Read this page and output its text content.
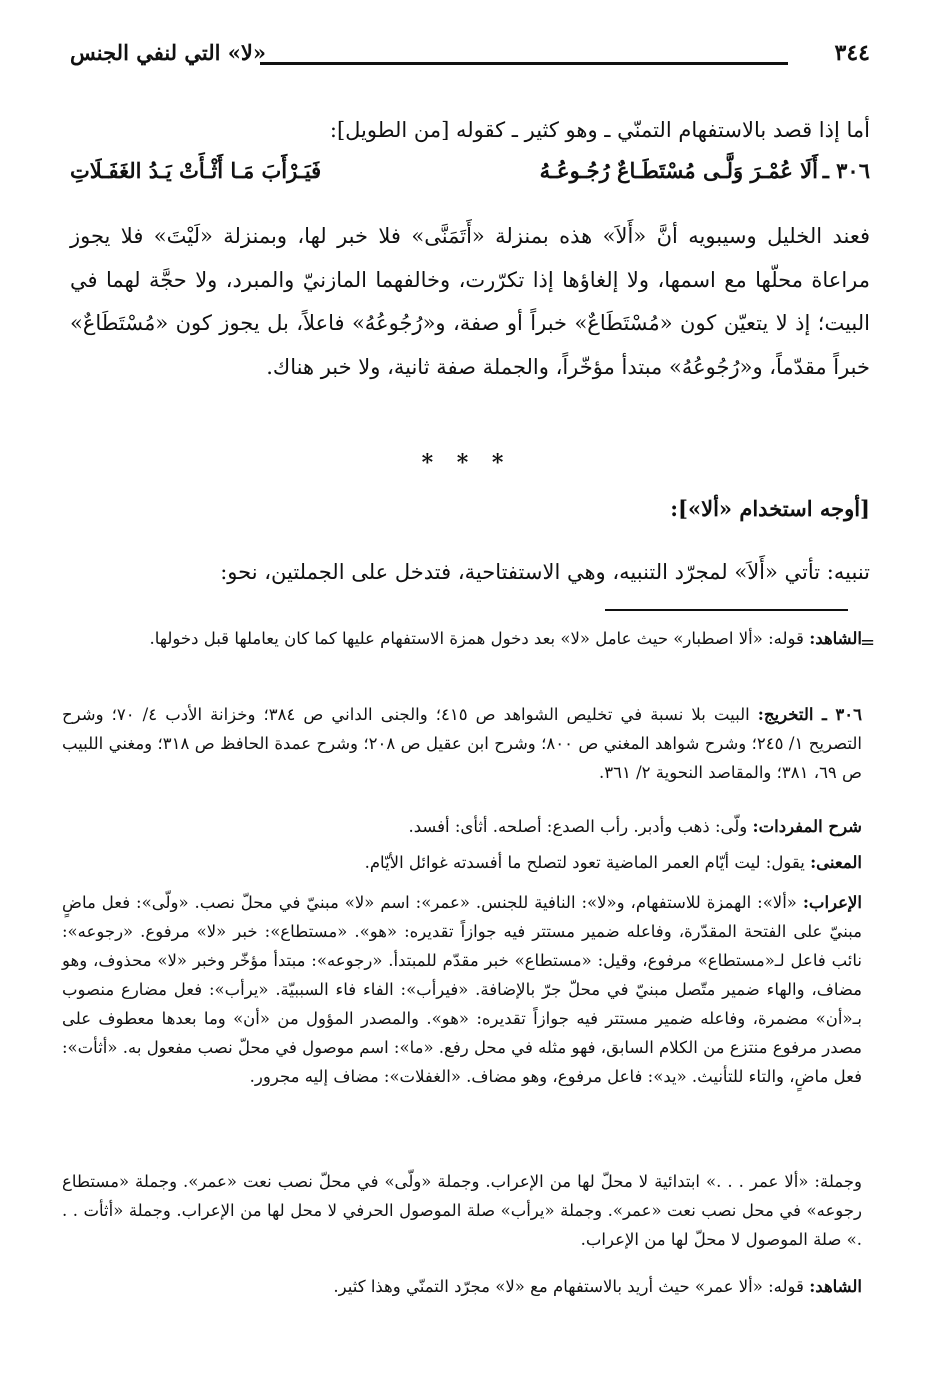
٣٤٤
«لا» التي لنفي الجنس
أما إذا قصد بالاستفهام التمنّي ـ وهو كثير ـ كقوله [من الطويل]:
٣٠٦ ـ
أَلَا عُمْـرَ وَلَّـى مُسْتَطَـاعٌ رُجُـوعُـهُ
فَيَـرْأَبَ مَـا أَثْـأَتْ يَـدُ الغَفَـلَاتِ
فعند الخليل وسيبويه أنَّ «أَلاَ» هذه بمنزلة «أَتَمَنَّى» فلا خبر لها، وبمنزلة «لَيْتَ» فلا يجوز مراعاة محلّها مع اسمها، ولا إلغاؤها إذا تكرّرت، وخالفهما المازنيّ والمبرد، ولا حجَّة لهما في البيت؛ إذ لا يتعيّن كون «مُسْتَطَاعٌ» خبراً أو صفة، و«رُجُوعُهُ» فاعلاً، بل يجوز كون «مُسْتَطَاعٌ» خبراً مقدّماً، و«رُجُوعُهُ» مبتدأ مؤخّراً، والجملة صفة ثانية، ولا خبر هناك.
* * *
[أوجه استخدام «ألا»]:
تنبيه: تأتي «أَلاَ» لمجرّد التنبيه، وهي الاستفتاحية، فتدخل على الجملتين، نحو:
=
الشاهد: قوله: «ألا اصطبار» حيث عامل «لا» بعد دخول همزة الاستفهام عليها كما كان يعاملها قبل دخولها.
٣٠٦ ـ التخريج: البيت بلا نسبة في تخليص الشواهد ص ٤١٥؛ والجنى الداني ص ٣٨٤؛ وخزانة الأدب ٤/ ٧٠؛ وشرح التصريح ١/ ٢٤٥؛ وشرح شواهد المغني ص ٨٠٠؛ وشرح ابن عقيل ص ٢٠٨؛ وشرح عمدة الحافظ ص ٣١٨؛ ومغني اللبيب ص ٦٩، ٣٨١؛ والمقاصد النحوية ٢/ ٣٦١.
شرح المفردات: ولّى: ذهب وأدبر. رأب الصدع: أصلحه. أثأى: أفسد.
المعنى: يقول: ليت أيّام العمر الماضية تعود لتصلح ما أفسدته غوائل الأيّام.
الإعراب: «ألا»: الهمزة للاستفهام، و«لا»: النافية للجنس. «عمر»: اسم «لا» مبنيّ في محلّ نصب. «ولّى»: فعل ماضٍ مبنيّ على الفتحة المقدّرة، وفاعله ضمير مستتر فيه جوازاً تقديره: «هو». «مستطاع»: خبر «لا» مرفوع. «رجوعه»: نائب فاعل لـ«مستطاع» مرفوع، وقيل: «مستطاع» خبر مقدّم للمبتدأ. «رجوعه»: مبتدأ مؤخّر وخبر «لا» محذوف، وهو مضاف، والهاء ضمير متّصل مبنيّ في محلّ جرّ بالإضافة. «فيرأب»: الفاء فاء السببيّة. «يرأب»: فعل مضارع منصوب بـ«أن» مضمرة، وفاعله ضمير مستتر فيه جوازاً تقديره: «هو». والمصدر المؤول من «أن» وما بعدها معطوف على مصدر مرفوع منتزع من الكلام السابق، فهو مثله في محل رفع. «ما»: اسم موصول في محلّ نصب مفعول به. «أثأت»: فعل ماضٍ، والتاء للتأنيث. «يد»: فاعل مرفوع، وهو مضاف. «الغفلات»: مضاف إليه مجرور.
وجملة: «ألا عمر . . .» ابتدائية لا محلّ لها من الإعراب. وجملة «ولّى» في محلّ نصب نعت «عمر». وجملة «مستطاع رجوعه» في محل نصب نعت «عمر». وجملة «يرأب» صلة الموصول الحرفي لا محل لها من الإعراب. وجملة «أثأت . . .» صلة الموصول لا محلّ لها من الإعراب.
الشاهد: قوله: «ألا عمر» حيث أريد بالاستفهام مع «لا» مجرّد التمنّي وهذا كثير.
